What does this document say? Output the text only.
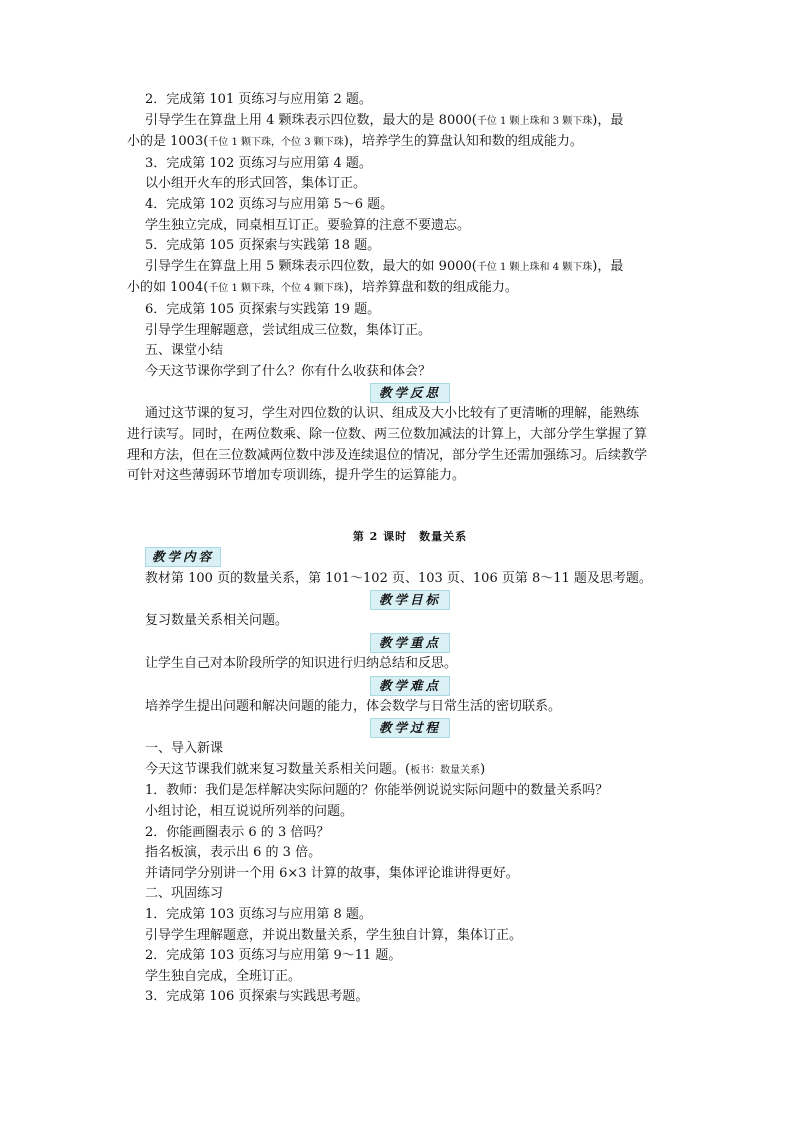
2．完成第 101 页练习与应用第 2 题。
引导学生在算盘上用 4 颗珠表示四位数，最大的是 8000(千位 1 颗上珠和 3 颗下珠)，最
小的是 1003(千位 1 颗下珠，个位 3 颗下珠)，培养学生的算盘认知和数的组成能力。
3．完成第 102 页练习与应用第 4 题。
以小组开火车的形式回答，集体订正。
4．完成第 102 页练习与应用第 5～6 题。
学生独立完成，同桌相互订正。要验算的注意不要遗忘。
5．完成第 105 页探索与实践第 18 题。
引导学生在算盘上用 5 颗珠表示四位数，最大的如 9000(千位 1 颗上珠和 4 颗下珠)，最
小的如 1004(千位 1 颗下珠，个位 4 颗下珠)，培养算盘和数的组成能力。
6．完成第 105 页探索与实践第 19 题。
引导学生理解题意，尝试组成三位数，集体订正。
五、课堂小结
今天这节课你学到了什么？你有什么收获和体会？
教学反思
通过这节课的复习，学生对四位数的认识、组成及大小比较有了更清晰的理解，能熟练
进行读写。同时，在两位数乘、除一位数、两三位数加减法的计算上，大部分学生掌握了算
理和方法，但在三位数减两位数中涉及连续退位的情况，部分学生还需加强练习。后续教学
可针对这些薄弱环节增加专项训练，提升学生的运算能力。
第 2 课时　数量关系
教学内容
教材第 100 页的数量关系，第 101～102 页、103 页、106 页第 8～11 题及思考题。
教学目标
复习数量关系相关问题。
教学重点
让学生自己对本阶段所学的知识进行归纳总结和反思。
教学难点
培养学生提出问题和解决问题的能力，体会数学与日常生活的密切联系。
教学过程
一、导入新课
今天这节课我们就来复习数量关系相关问题。(板书：数量关系)
1．教师：我们是怎样解决实际问题的？你能举例说说实际问题中的数量关系吗？
小组讨论，相互说说所列举的问题。
2．你能画圈表示 6 的 3 倍吗？
指名板演，表示出 6 的 3 倍。
并请同学分别讲一个用 6×3 计算的故事，集体评论谁讲得更好。
二、巩固练习
1．完成第 103 页练习与应用第 8 题。
引导学生理解题意，并说出数量关系，学生独自计算，集体订正。
2．完成第 103 页练习与应用第 9～11 题。
学生独自完成，全班订正。
3．完成第 106 页探索与实践思考题。
